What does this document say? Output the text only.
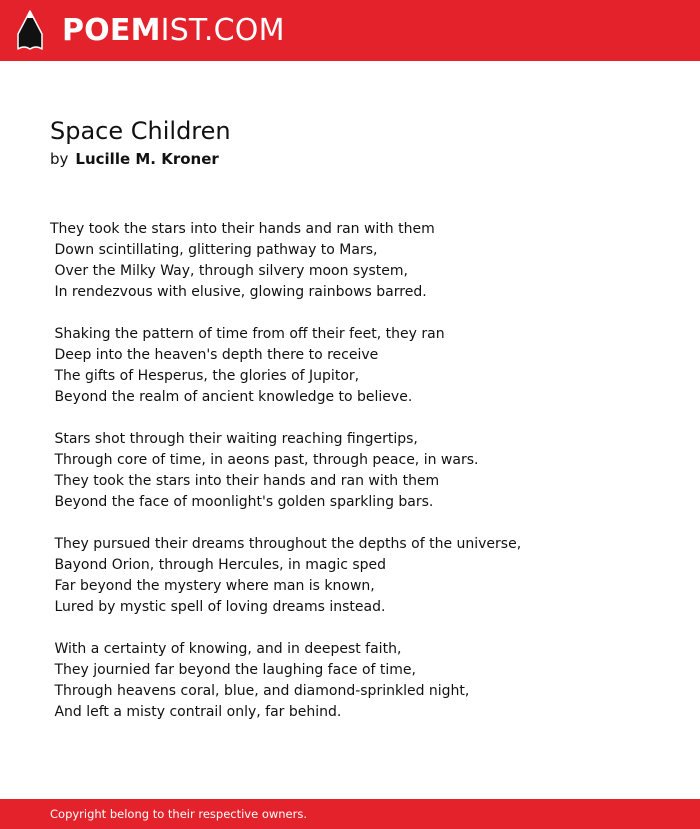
POEMIST.COM
Space Children
by Lucille M. Kroner
They took the stars into their hands and ran with them
Down scintillating, glittering pathway to Mars,
Over the Milky Way, through silvery moon system,
In rendezvous with elusive, glowing rainbows barred.
Shaking the pattern of time from off their feet, they ran
Deep into the heaven's depth there to receive
The gifts of Hesperus, the glories of Jupitor,
Beyond the realm of ancient knowledge to believe.
Stars shot through their waiting reaching fingertips,
Through core of time, in aeons past, through peace, in wars.
They took the stars into their hands and ran with them
Beyond the face of moonlight's golden sparkling bars.
They pursued their dreams throughout the depths of the universe,
Bayond Orion, through Hercules, in magic sped
Far beyond the mystery where man is known,
Lured by mystic spell of loving dreams instead.
With a certainty of knowing, and in deepest faith,
They journied far beyond the laughing face of time,
Through heavens coral, blue, and diamond-sprinkled night,
And left a misty contrail only, far behind.
Copyright belong to their respective owners.
